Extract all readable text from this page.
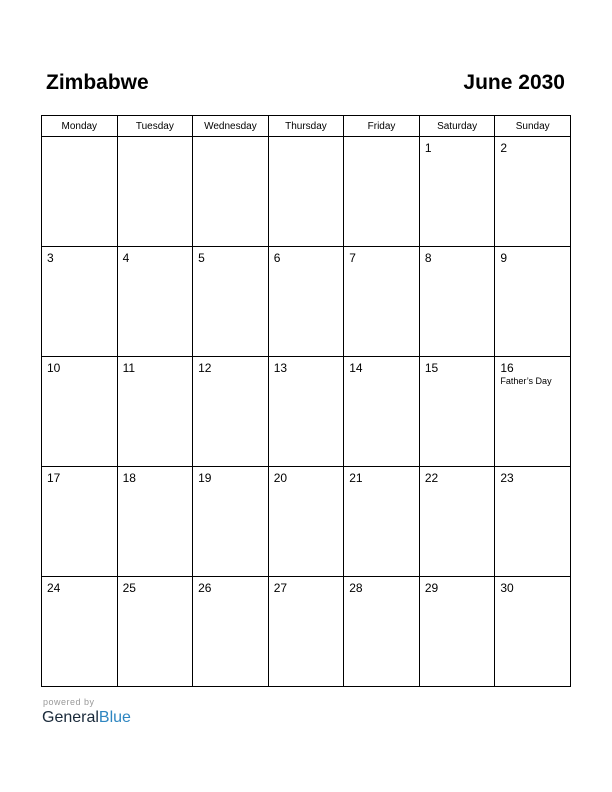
Zimbabwe	June 2030
Monday	Tuesday	Wednesday	Thursday	Friday	Saturday	Sunday

					1	2

3	4	5	6	7	8	9

10	11	12	13	14	15	16
Father’s Day

17	18	19	20	21	22	23

24	25	26	27	28	29	30
powered by
GeneralBlue
